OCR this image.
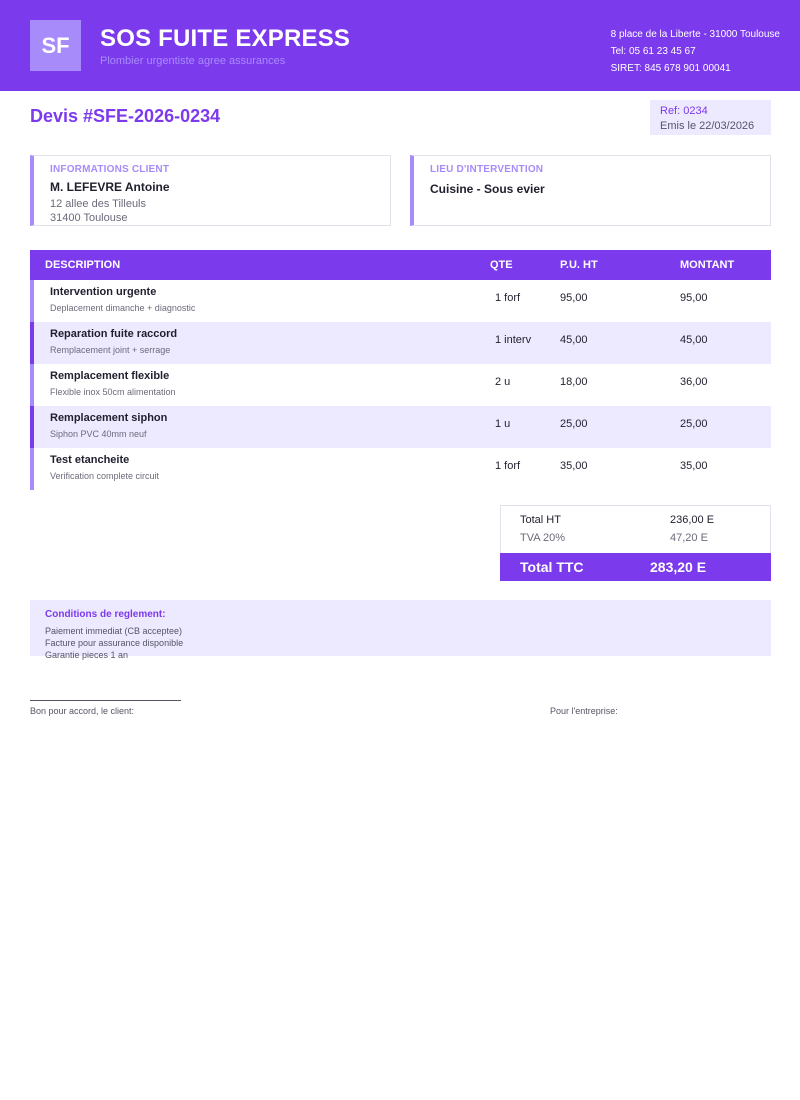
SF	SOS FUITE EXPRESS
Plombier urgentiste agree assurances
8 place de la Liberte - 31000 Toulouse
Tel: 05 61 23 45 67
SIRET: 845 678 901 00041
Devis #SFE-2026-0234	Ref: 0234
Emis le 22/03/2026
INFORMATIONS CLIENT
M. LEFEVRE Antoine
12 allee des Tilleuls
31400 Toulouse
LIEU D'INTERVENTION
Cuisine - Sous evier
DESCRIPTION	QTE	P.U. HT	MONTANT
Intervention urgente
Deplacement dimanche + diagnostic
1 forf	95,00	95,00
Reparation fuite raccord
Remplacement joint + serrage
1 interv	45,00	45,00
Remplacement flexible
Flexible inox 50cm alimentation
2 u	18,00	36,00
Remplacement siphon
Siphon PVC 40mm neuf
1 u	25,00	25,00
Test etancheite
Verification complete circuit
1 forf	35,00	35,00
Total HT	236,00 E
TVA 20%	47,20 E
Total TTC	283,20 E
Conditions de reglement:
Paiement immediat (CB acceptee)
Facture pour assurance disponible
Garantie pieces 1 an
Bon pour accord, le client:	Pour l'entreprise:
